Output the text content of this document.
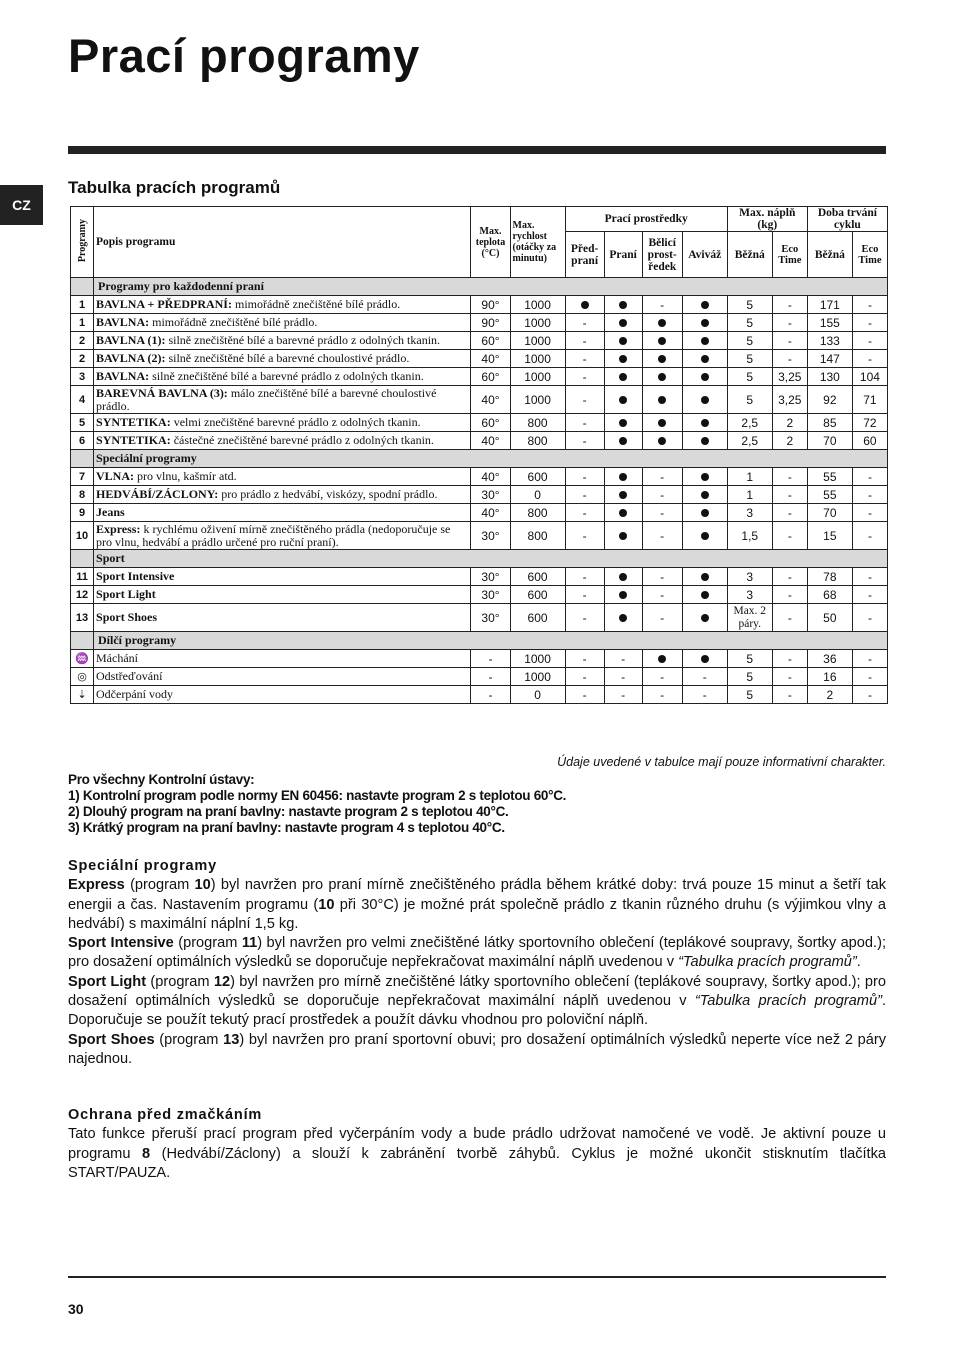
Prací programy
CZ
Tabulka pracích programů
Programy	Popis programu	Max. teplota (°C)	Max. rychlost (otáčky za minutu)	Prací prostředky				Max. náplň (kg)		Doba trvání cyklu	
				Před-praní	Praní	Bělicí prost-ředek	Aviváž	Běžná	Eco Time	Běžná	Eco Time
	Programy pro každodenní praní										
1	BAVLNA + PŘEDPRANÍ: mimořádně znečištěné bílé prádlo.	90°	1000			-		5	-	171	-
1	BAVLNA: mimořádně znečištěné bílé prádlo.	90°	1000	-				5	-	155	-
2	BAVLNA (1): silně znečištěné bílé a barevné prádlo z odolných tkanin.	60°	1000	-				5	-	133	-
2	BAVLNA (2): silně znečištěné bílé a barevné choulostivé prádlo.	40°	1000	-				5	-	147	-
3	BAVLNA: silně znečištěné bílé a barevné prádlo z odolných tkanin.	60°	1000	-				5	3,25	130	104
4	BAREVNÁ BAVLNA (3): málo znečištěné bílé a barevné choulostivé prádlo.	40°	1000	-				5	3,25	92	71
5	SYNTETIKA: velmi znečištěné barevné prádlo z odolných tkanin.	60°	800	-				2,5	2	85	72
6	SYNTETIKA: částečné znečištěné barevné prádlo z odolných tkanin.	40°	800	-				2,5	2	70	60
	Speciální programy										
7	VLNA: pro vlnu, kašmír atd.	40°	600	-		-		1	-	55	-
8	HEDVÁBÍ/ZÁCLONY: pro prádlo z hedvábí, viskózy, spodní prádlo.	30°	0	-		-		1	-	55	-
9	Jeans	40°	800	-		-		3	-	70	-
10	Express: k rychlému oživení mírně znečištěného prádla (nedoporučuje se pro vlnu, hedvábí a prádlo určené pro ruční praní).	30°	800	-		-		1,5	-	15	-
	Sport										
11	Sport Intensive	30°	600	-		-		3	-	78	-
12	Sport Light	30°	600	-		-		3	-	68	-
13	Sport Shoes	30°	600	-		-		Max. 2 páry.	-	50	-
	Dílčí programy										
♒	Máchání	-	1000	-	-			5	-	36	-
◎	Odstřeďování	-	1000	-	-	-	-	5	-	16	-
⇣	Odčerpání vody	-	0	-	-	-	-	5	-	2	-
Údaje uvedené v tabulce mají pouze informativní charakter.
Pro všechny Kontrolní ústavy:
1) Kontrolní program podle normy EN 60456: nastavte program 2 s teplotou 60°C.
2) Dlouhý program na praní bavlny: nastavte program 2 s teplotou 40°C.
3) Krátký program na praní bavlny: nastavte program 4 s teplotou 40°C.
Speciální programy

Express (program 10) byl navržen pro praní mírně znečištěného prádla během krátké doby: trvá pouze 15 minut a šetří tak energii a čas. Nastavením programu (10 při 30°C) je možné prát společně prádlo z tkanin různého druhu (s výjimkou vlny a hedvábí) s maximální náplní 1,5 kg.

Sport Intensive (program 11) byl navržen pro velmi znečištěné látky sportovního oblečení (teplákové soupravy, šortky apod.); pro dosažení optimálních výsledků se doporučuje nepřekračovat maximální náplň uvedenou v “Tabulka pracích programů”.

Sport Light (program 12) byl navržen pro mírně znečištěné látky sportovního oblečení (teplákové soupravy, šortky apod.); pro dosažení optimálních výsledků se doporučuje nepřekračovat maximální náplň uvedenou v “Tabulka pracích programů”. Doporučuje se použít tekutý prací prostředek a použít dávku vhodnou pro poloviční náplň.

Sport Shoes (program 13) byl navržen pro praní sportovní obuvi; pro dosažení optimálních výsledků neperte více než 2 páry najednou.

Ochrana před zmačkáním

Tato funkce přeruší prací program před vyčerpáním vody a bude prádlo udržovat namočené ve vodě. Je aktivní pouze u programu 8 (Hedvábí/Záclony) a slouží k zabránění tvorbě záhybů. Cyklus je možné ukončit stisknutím tlačítka START/PAUZA.

30
